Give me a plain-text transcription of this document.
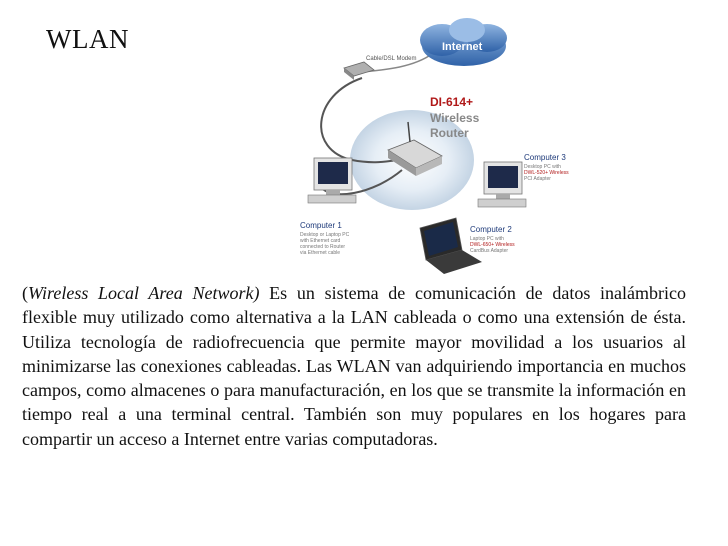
WLAN	Internet
Cable/DSL Modem
DI-614+
Wireless
Router
Computer 1
Desktop or Laptop PC
with Ethernet card
connected to Router
via Ethernet cable
Computer 2
Laptop PC with
DWL-650+ Wireless
CardBus Adapter
Computer 3
Desktop PC with
DWL-520+ Wireless
PCI Adapter

(Wireless Local Area Network) Es un sistema de comunicación de datos inalámbrico flexible muy utilizado como alternativa a la LAN cableada o como una extensión de ésta. Utiliza tecnología de radiofrecuencia que permite mayor movilidad a los usuarios al minimizarse las conexiones cableadas. Las WLAN van adquiriendo importancia en muchos campos, como almacenes o para manufacturación, en los que se transmite la información en tiempo real a una terminal central. También son muy populares en los hogares para compartir un acceso a Internet entre varias computadoras.
